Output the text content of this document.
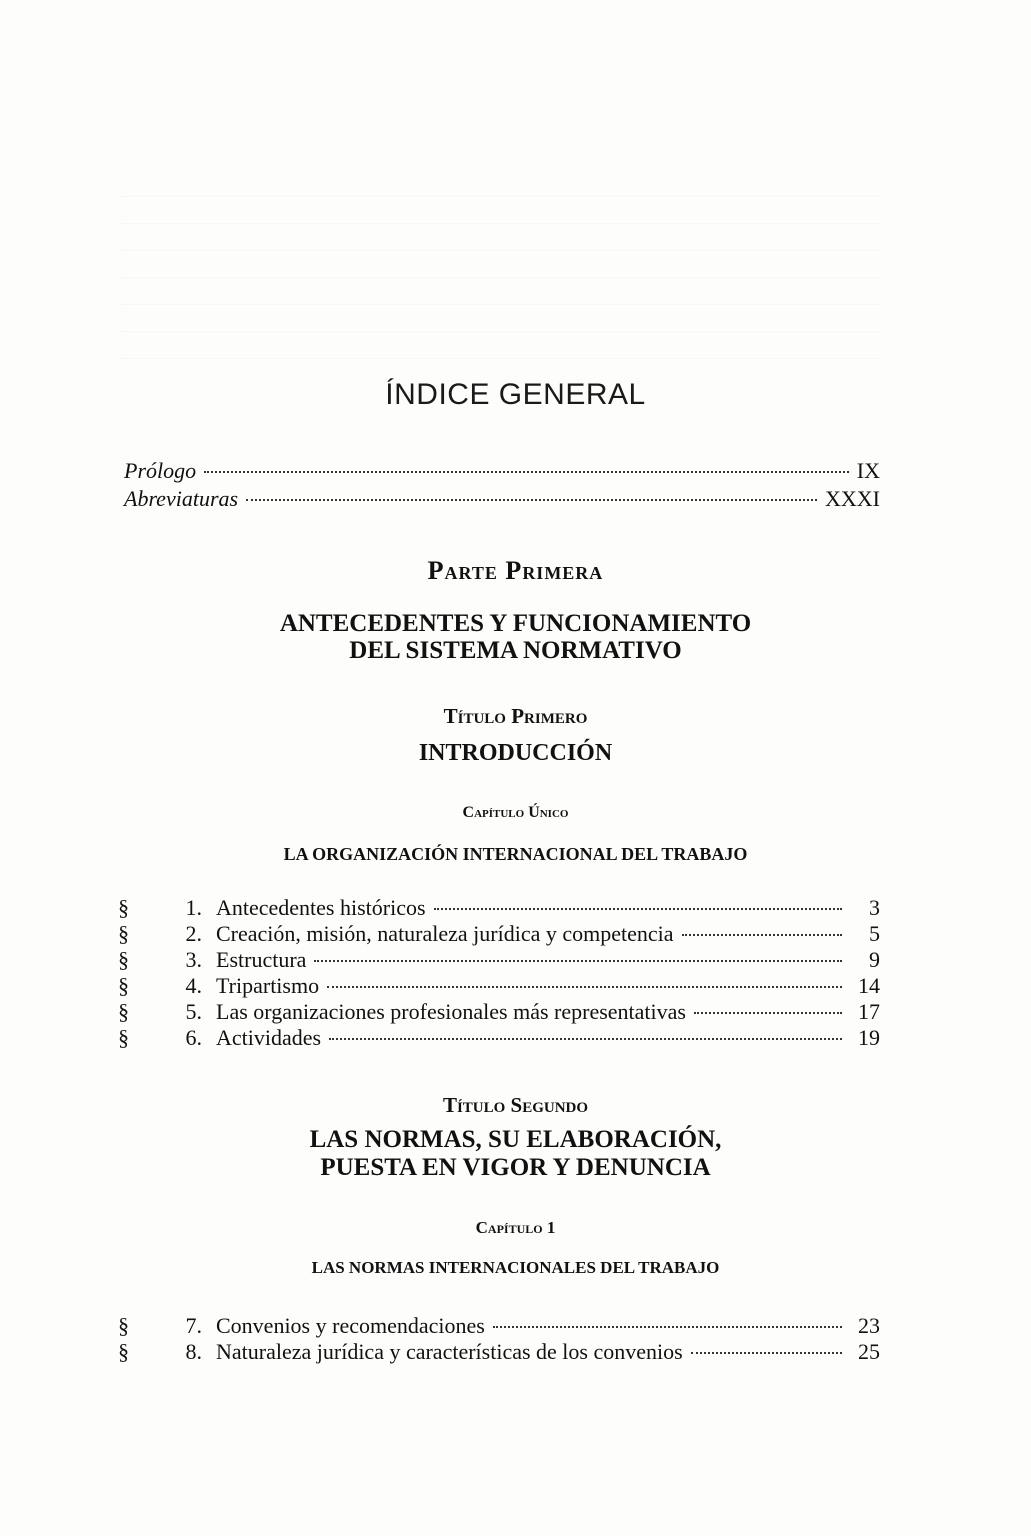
ÍNDICE GENERAL
Prólogo	IX
Abreviaturas	XXXI
Parte Primera
ANTECEDENTES Y FUNCIONAMIENTO
DEL SISTEMA NORMATIVO
Título Primero
INTRODUCCIÓN
Capítulo Único
LA ORGANIZACIÓN INTERNACIONAL DEL TRABAJO
§	1. Antecedentes históricos	3
§	2. Creación, misión, naturaleza jurídica y competencia	5
§	3. Estructura	9
§	4. Tripartismo	14
§	5. Las organizaciones profesionales más representativas	17
§	6. Actividades	19
Título Segundo
LAS NORMAS, SU ELABORACIÓN,
PUESTA EN VIGOR Y DENUNCIA
Capítulo 1
LAS NORMAS INTERNACIONALES DEL TRABAJO
§	7. Convenios y recomendaciones	23
§	8. Naturaleza jurídica y características de los convenios	25
